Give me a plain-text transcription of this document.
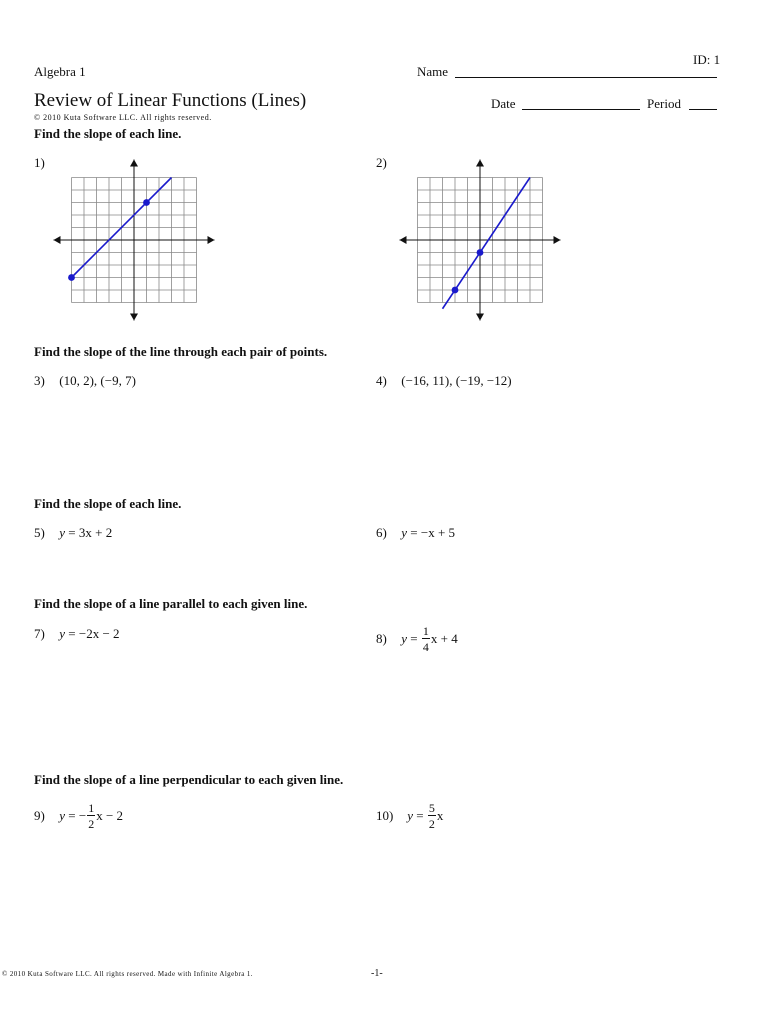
ID: 1
Algebra 1	Name
Review of Linear Functions (Lines)
© 2010 Kuta Software LLC. All rights reserved.
Date	Period
Find the slope of each line.
1)	2)
Find the slope of the line through each pair of points.
3) (10, 2), (−9, 7)	4) (−16, 11), (−19, −12)
Find the slope of each line.
5) y = 3x + 2	6) y = −x + 5
Find the slope of a line parallel to each given line.
7) y = −2x − 2	8) $y = \frac{1}{4}$ x + 4
Find the slope of a line perpendicular to each given line.
9) y = − $\frac{1}{2}$ x − 2	10) $y = \frac{5}{2}$ x
© 2010 Kuta Software LLC. All rights reserved. Made with Infinite Algebra 1.	-1-
